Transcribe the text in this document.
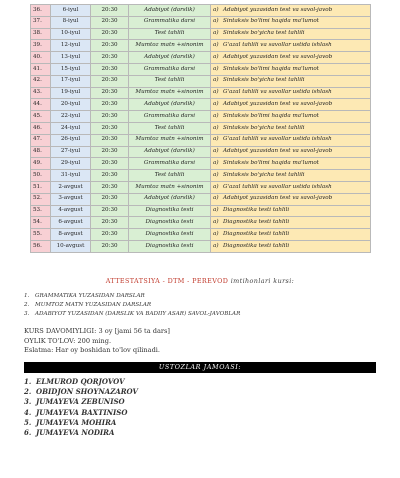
36.	6-iyul	20:30	Adabiyot (darslik)	a) Adabiyot yuzasidan test va savol-javob
37.	8-iyul	20:30	Grammatika darsi	a) Sintaksis bo'limi haqida ma'lumot
38.	10-iyul	20:30	Test tahlili	a) Sintaksis bo'yicha test tahlili
39.	12-iyul	20:30	Mumtoz matn +sinonim	a) G'azal tahlili va savollar ustida ishlash
40.	13-iyul	20:30	Adabiyot (darslik)	a) Adabiyot yuzasidan test va savol-javob
41.	15-iyul	20:30	Grammatika darsi	a) Sintaksis bo'limi haqida ma'lumot
42.	17-iyul	20:30	Test tahlili	a) Sintaksis bo'yicha test tahlili
43.	19-iyul	20:30	Mumtoz matn +sinonim	a) G'azal tahlili va savollar ustida ishlash
44.	20-iyul	20:30	Adabiyot (darslik)	a) Adabiyot yuzasidan test va savol-javob
45.	22-iyul	20:30	Grammatika darsi	a) Sintaksis bo'limi haqida ma'lumot
46.	24-iyul	20:30	Test tahlili	a) Sintaksis bo'yicha test tahlili
47.	26-iyul	20:30	Mumtoz matn +sinonim	a) G'azal tahlili va savollar ustida ishlash
48.	27-iyul	20:30	Adabiyot (darslik)	a) Adabiyot yuzasidan test va savol-javob
49.	29-iyul	20:30	Grammatika darsi	a) Sintaksis bo'limi haqida ma'lumot
50.	31-iyul	20:30	Test tahlili	a) Sintaksis bo'yicha test tahlili
51.	2-avgust	20:30	Mumtoz matn +sinonim	a) G'azal tahlili va savollar ustida ishlash
52.	3-avgust	20:30	Adabiyot (darslik)	a) Adabiyot yuzasidan test va savol-javob
53.	4-avgust	20:30	Diagnostika testi	a) Diagnostika testi tahlili
54.	6-avgust	20:30	Diagnostika testi	a) Diagnostika testi tahlili
55.	8-avgust	20:30	Diagnostika testi	a) Diagnostika testi tahlili
56.	10-avgust	20:30	Diagnostika testi	a) Diagnostika testi tahlili
ATTESTATSIYA - DTM - PEREVOD imtihonlari kursi:
1. GRAMMATIKA YUZASIDAN DARSLAR
2. MUMTOZ MATN YUZASIDAN DARSLAR
3. ADABIYOT YUZASIDAN (DARSLIK VA BADIIY ASAR) SAVOL-JAVOBLAR
KURS DAVOMIYLIGI: 3 oy [jami 56 ta dars]
OYLIK TO'LOV: 200 ming.
Eslatma: Har oy boshidan to'lov qilinadi.
USTOZLAR JAMOASI:
1. ELMUROD QORJOVOV
2. OBIDJON SHOYNAZAROV
3. JUMAYEVA ZEBUNISO
4. JUMAYEVA BAXTINISO
5. JUMAYEVA MOHIRA
6. JUMAYEVA NODIRA
